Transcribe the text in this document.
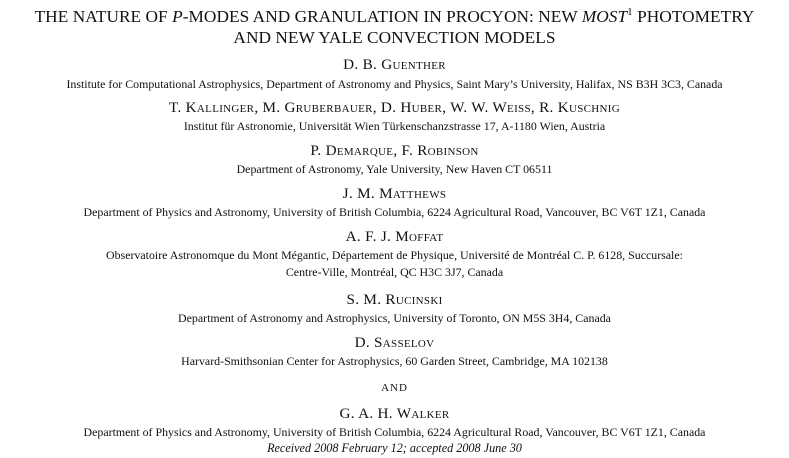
THE NATURE OF P-MODES AND GRANULATION IN PROCYON: NEW MOST$^1$ PHOTOMETRY
AND NEW YALE CONVECTION MODELS
D. B. Guenther
Institute for Computational Astrophysics, Department of Astronomy and Physics, Saint Mary’s University, Halifax, NS B3H 3C3, Canada
T. Kallinger, M. Gruberbauer, D. Huber, W. W. Weiss, R. Kuschnig
Institut für Astronomie, Universität Wien Türkenschanzstrasse 17, A-1180 Wien, Austria
P. Demarque, F. Robinson
Department of Astronomy, Yale University, New Haven CT 06511
J. M. Matthews
Department of Physics and Astronomy, University of British Columbia, 6224 Agricultural Road, Vancouver, BC V6T 1Z1, Canada
A. F. J. Moffat
Observatoire Astronomque du Mont Mégantic, Département de Physique, Université de Montréal C. P. 6128, Succursale:
Centre-Ville, Montréal, QC H3C 3J7, Canada
S. M. Rucinski
Department of Astronomy and Astrophysics, University of Toronto, ON M5S 3H4, Canada
D. Sasselov
Harvard-Smithsonian Center for Astrophysics, 60 Garden Street, Cambridge, MA 102138
AND
G. A. H. Walker
Department of Physics and Astronomy, University of British Columbia, 6224 Agricultural Road, Vancouver, BC V6T 1Z1, Canada
Received 2008 February 12; accepted 2008 June 30
